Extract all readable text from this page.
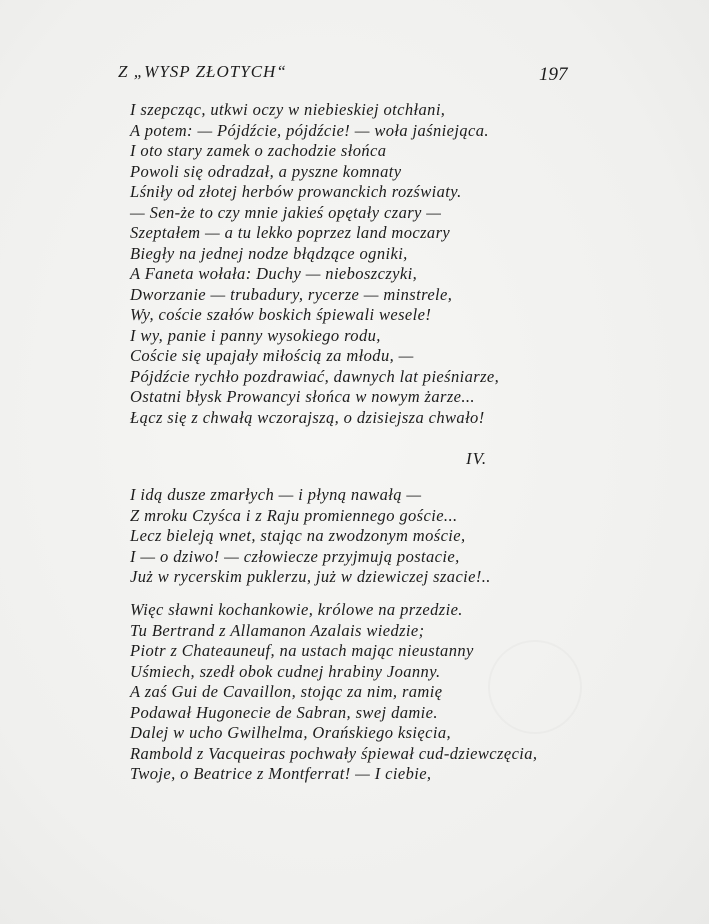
Z „WYSP ZŁOTYCH“	197
I szepcząc, utkwi oczy w niebieskiej otchłani,
A potem: — Pójdźcie, pójdźcie! — woła jaśniejąca.
I oto stary zamek o zachodzie słońca
Powoli się odradzał, a pyszne komnaty
Lśniły od złotej herbów prowanckich rozświaty.
— Sen-że to czy mnie jakieś opętały czary —
Szeptałem — a tu lekko poprzez land moczary
Biegły na jednej nodze błądzące ogniki,
A Faneta wołała: Duchy — nieboszczyki,
Dworzanie — trubadury, rycerze — minstrele,
Wy, coście szałów boskich śpiewali wesele!
I wy, panie i panny wysokiego rodu,
Coście się upajały miłością za młodu, —
Pójdźcie rychło pozdrawiać, dawnych lat pieśniarze,
Ostatni błysk Prowancyi słońca w nowym żarze...
Łącz się z chwałą wczorajszą, o dzisiejsza chwało!
IV.
I idą dusze zmarłych — i płyną nawałą —
Z mroku Czyśca i z Raju promiennego goście...
Lecz bieleją wnet, stając na zwodzonym moście,
I — o dziwo! — człowiecze przyjmują postacie,
Już w rycerskim puklerzu, już w dziewiczej szacie!..
Więc sławni kochankowie, królowe na przedzie.
Tu Bertrand z Allamanon Azalais wiedzie;
Piotr z Chateauneuf, na ustach mając nieustanny
Uśmiech, szedł obok cudnej hrabiny Joanny.
A zaś Gui de Cavaillon, stojąc za nim, ramię
Podawał Hugonecie de Sabran, swej damie.
Dalej w ucho Gwilhelma, Orańskiego księcia,
Rambold z Vacqueiras pochwały śpiewał cud-dziewczęcia,
Twoje, o Beatrice z Montferrat! — I ciebie,
